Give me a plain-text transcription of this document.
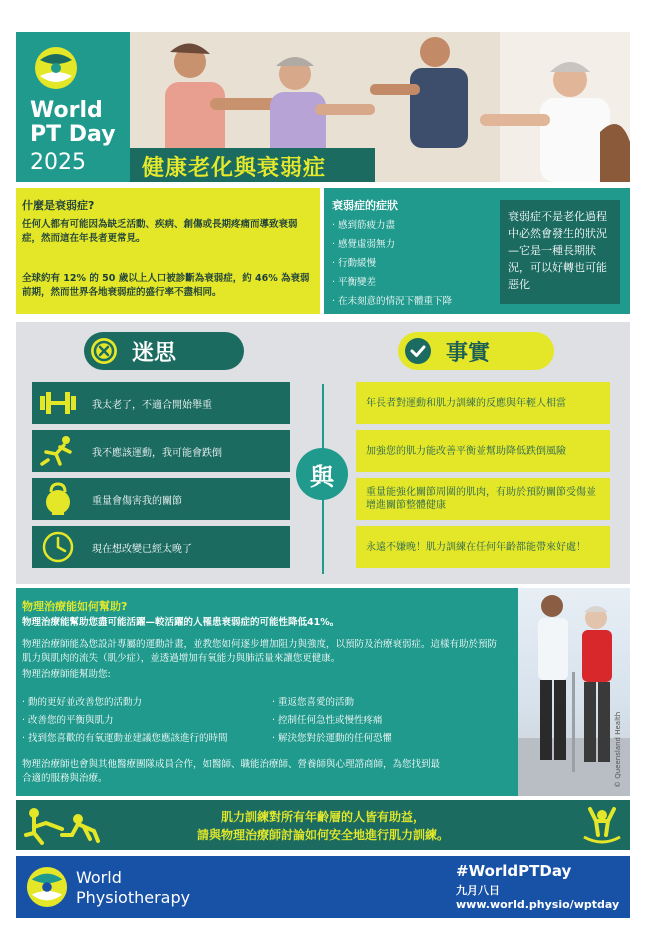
World
PT Day
2025	健康老化與衰弱症
什麼是衰弱症?
任何人都有可能因為缺乏活動、疾病、創傷或長期疼痛而導致衰弱症，然而這在年長者更常見。
全球約有 12% 的 50 歲以上人口被診斷為衰弱症，約 46% 為衰弱前期，然而世界各地衰弱症的盛行率不盡相同。
衰弱症的症狀
· 感到筋疲力盡
· 感覺虛弱無力
· 行動緩慢
· 平衡變差
· 在未刻意的情況下體重下降
衰弱症不是老化過程中必然會發生的狀況—它是一種長期狀況，可以好轉也可能惡化
迷思	事實
我太老了，不適合開始舉重
我不應該運動，我可能會跌倒
重量會傷害我的關節
現在想改變已經太晚了
與
年長者對運動和肌力訓練的反應與年輕人相當
加強您的肌力能改善平衡並幫助降低跌倒風險
重量能強化關節周圍的肌肉，有助於預防關節受傷並增進關節整體健康
永遠不嫌晚！肌力訓練在任何年齡都能帶來好處！
物理治療能如何幫助?
物理治療能幫助您盡可能活躍—較活躍的人罹患衰弱症的可能性降低41%。
物理治療師能為您設計專屬的運動計畫，並教您如何逐步增加阻力與強度，以預防及治療衰弱症。這樣有助於預防肌力與肌肉的流失（肌少症），並透過增加有氧能力與肺活量來讓您更健康。
物理治療師能幫助您:
· 動的更好並改善您的活動力
· 改善您的平衡與肌力
· 找到您喜歡的有氧運動並建議您應該進行的時間
· 重返您喜愛的活動
· 控制任何急性或慢性疼痛
· 解決您對於運動的任何恐懼
物理治療師也會與其他醫療團隊成員合作，如醫師、職能治療師、營養師與心理諮商師，為您找到最合適的服務與治療。	© Queensland Health
肌力訓練對所有年齡層的人皆有助益，
請與物理治療師討論如何安全地進行肌力訓練。
World
Physiotherapy
#WorldPTDay
九月八日
www.world.physio/wptday
